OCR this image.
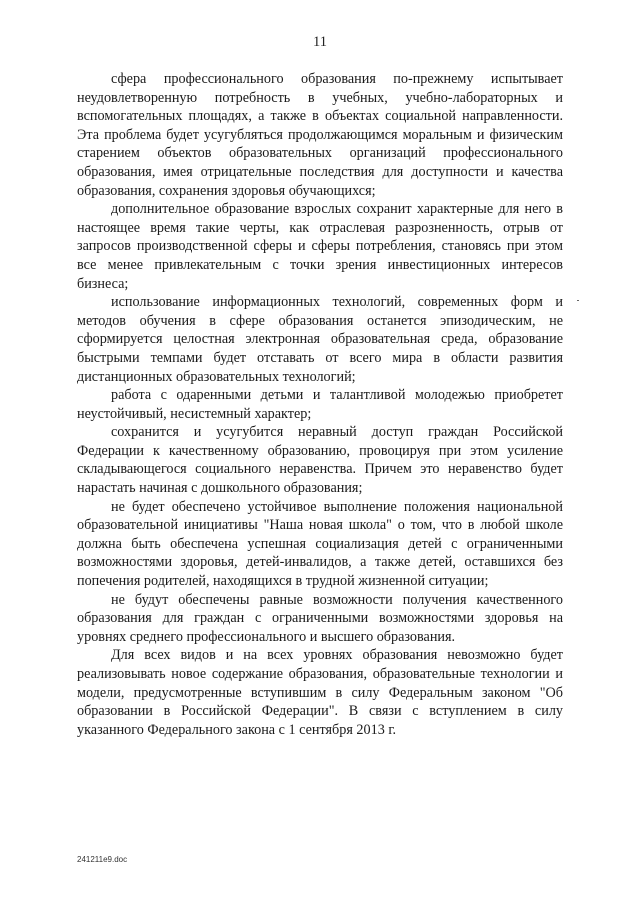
11

сфера профессионального образования по-прежнему испытывает неудовлетворенную потребность в учебных, учебно-лабораторных и вспомогательных площадях, а также в объектах социальной направленности. Эта проблема будет усугубляться продолжающимся моральным и физическим старением объектов образовательных организаций профессионального образования, имея отрицательные последствия для доступности и качества образования, сохранения здоровья обучающихся;

дополнительное образование взрослых сохранит характерные для него в настоящее время такие черты, как отраслевая разрозненность, отрыв от запросов производственной сферы и сферы потребления, становясь при этом все менее привлекательным с точки зрения инвестиционных интересов бизнеса;

использование информационных технологий, современных форм и методов обучения в сфере образования останется эпизодическим, не сформируется целостная электронная образовательная среда, образование быстрыми темпами будет отставать от всего мира в области развития дистанционных образовательных технологий;

работа с одаренными детьми и талантливой молодежью приобретет неустойчивый, несистемный характер;

сохранится и усугубится неравный доступ граждан Российской Федерации к качественному образованию, провоцируя при этом усиление складывающегося социального неравенства. Причем это неравенство будет нарастать начиная с дошкольного образования;

не будет обеспечено устойчивое выполнение положения национальной образовательной инициативы "Наша новая школа" о том, что в любой школе должна быть обеспечена успешная социализация детей с ограниченными возможностями здоровья, детей-инвалидов, а также детей, оставшихся без попечения родителей, находящихся в трудной жизненной ситуации;

не будут обеспечены равные возможности получения качественного образования для граждан с ограниченными возможностями здоровья на уровнях среднего профессионального и высшего образования.

Для всех видов и на всех уровнях образования невозможно будет реализовывать новое содержание образования, образовательные технологии и модели, предусмотренные вступившим в силу Федеральным законом "Об образовании в Российской Федерации". В связи с вступлением в силу указанного Федерального закона с 1 сентября 2013 г.

241211e9.doc
